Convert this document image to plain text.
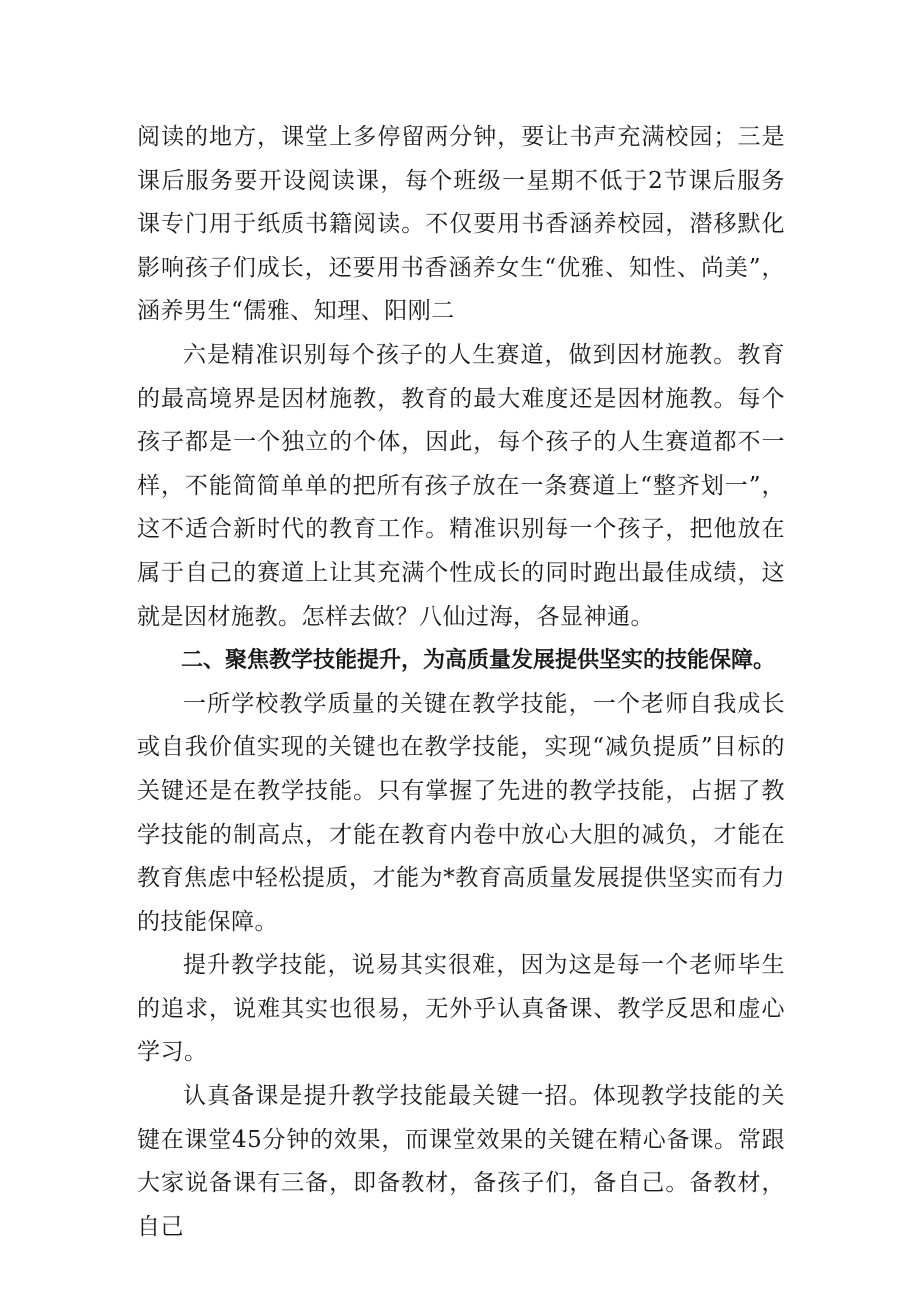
阅读的地方，课堂上多停留两分钟，要让书声充满校园；三是课后服务要开设阅读课，每个班级一星期不低于2节课后服务课专门用于纸质书籍阅读。不仅要用书香涵养校园，潜移默化影响孩子们成长，还要用书香涵养女生“优雅、知性、尚美”，涵养男生“儒雅、知理、阳刚二

六是精准识别每个孩子的人生赛道，做到因材施教。教育的最高境界是因材施教，教育的最大难度还是因材施教。每个孩子都是一个独立的个体，因此，每个孩子的人生赛道都不一样，不能简简单单的把所有孩子放在一条赛道上“整齐划一”，这不适合新时代的教育工作。精准识别每一个孩子，把他放在属于自己的赛道上让其充满个性成长的同时跑出最佳成绩，这就是因材施教。怎样去做？八仙过海，各显神通。

二、聚焦教学技能提升，为高质量发展提供坚实的技能保障。

一所学校教学质量的关键在教学技能，一个老师自我成长或自我价值实现的关键也在教学技能，实现“减负提质”目标的关键还是在教学技能。只有掌握了先进的教学技能，占据了教学技能的制高点，才能在教育内卷中放心大胆的减负，才能在教育焦虑中轻松提质，才能为*教育高质量发展提供坚实而有力的技能保障。

提升教学技能，说易其实很难，因为这是每一个老师毕生的追求，说难其实也很易，无外乎认真备课、教学反思和虚心学习。

认真备课是提升教学技能最关键一招。体现教学技能的关键在课堂45分钟的效果，而课堂效果的关键在精心备课。常跟大家说备课有三备，即备教材，备孩子们，备自己。备教材，自己
